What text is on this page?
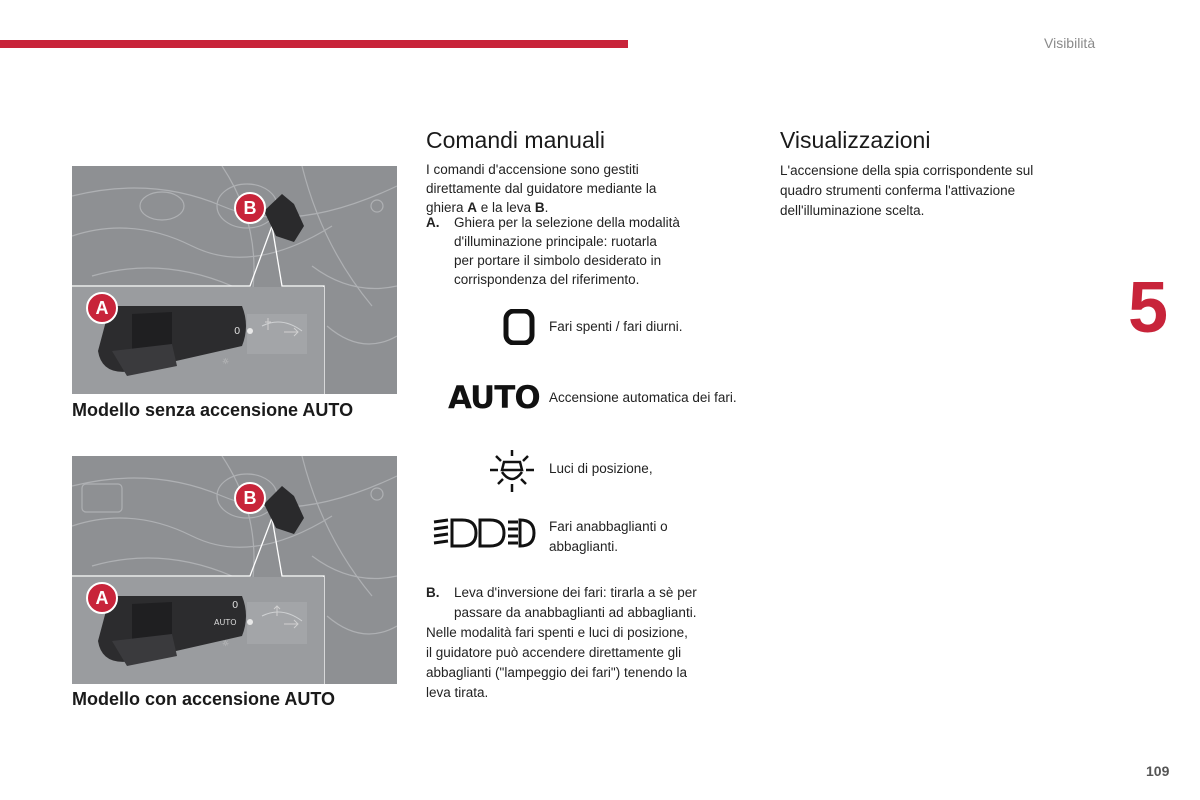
Visibilità
5
109
0
☼
A
B
Modello senza accensione AUTO
0
AUTO
☼
A
B
Modello con accensione AUTO
Comandi manuali
I comandi d'accensione sono gestiti
direttamente dal guidatore mediante la
ghiera A e la leva B.
A. Ghiera per la selezione della modalità
d'illuminazione principale: ruotarla
per portare il simbolo desiderato in
corrispondenza del riferimento.
Fari spenti / fari diurni.
AUTO Accensione automatica dei fari.
Luci di posizione,
Fari anabbaglianti o
abbaglianti.
B. Leva d'inversione dei fari: tirarla a sè per
passare da anabbaglianti ad abbaglianti.
Nelle modalità fari spenti e luci di posizione,
il guidatore può accendere direttamente gli
abbaglianti ("lampeggio dei fari") tenendo la
leva tirata.
Visualizzazioni
L'accensione della spia corrispondente sul
quadro strumenti conferma l'attivazione
dell'illuminazione scelta.
